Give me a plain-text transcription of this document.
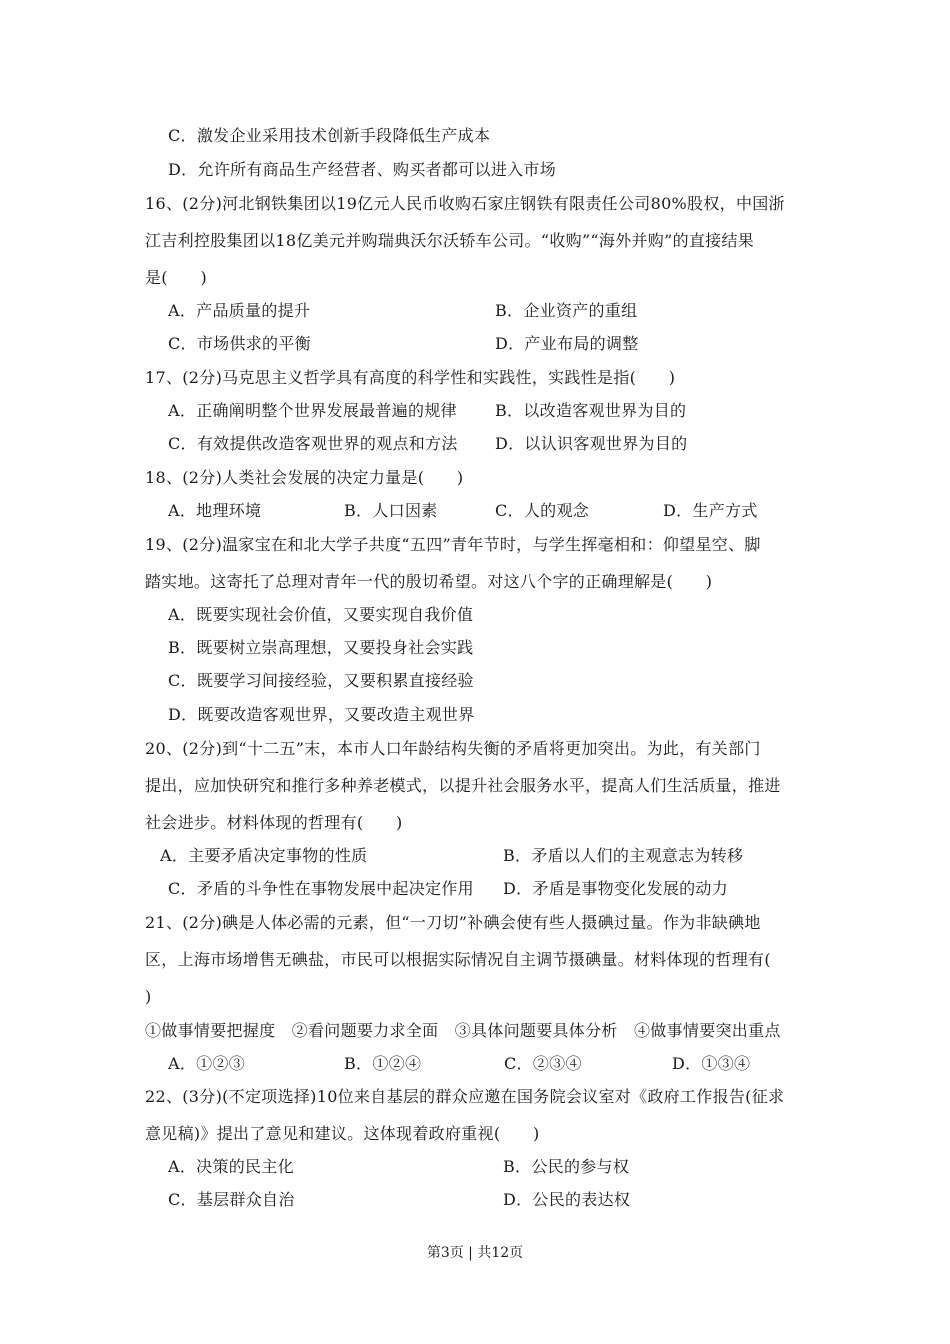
C．激发企业采用技术创新手段降低生产成本
D．允许所有商品生产经营者、购买者都可以进入市场
16、(2分)河北钢铁集团以19亿元人民币收购石家庄钢铁有限责任公司80%股权，中国浙
江吉利控股集团以18亿美元并购瑞典沃尔沃轿车公司。“收购”“海外并购”的直接结果
是(　　)
A．产品质量的提升	B．企业资产的重组
C．市场供求的平衡	D．产业布局的调整
17、(2分)马克思主义哲学具有高度的科学性和实践性，实践性是指(　　)
A．正确阐明整个世界发展最普遍的规律 B．以改造客观世界为目的
C．有效提供改造客观世界的观点和方法 D．以认识客观世界为目的
18、(2分)人类社会发展的决定力量是(　　)
A．地理环境	B．人口因素	C．人的观念	D．生产方式
19、(2分)温家宝在和北大学子共度“五四”青年节时，与学生挥毫相和：仰望星空、脚
踏实地。这寄托了总理对青年一代的殷切希望。对这八个字的正确理解是(　　)
A．既要实现社会价值，又要实现自我价值
B．既要树立崇高理想，又要投身社会实践
C．既要学习间接经验，又要积累直接经验
D．既要改造客观世界，又要改造主观世界
20、(2分)到“十二五”末，本市人口年龄结构失衡的矛盾将更加突出。为此，有关部门
提出，应加快研究和推行多种养老模式，以提升社会服务水平，提高人们生活质量，推进
社会进步。材料体现的哲理有(　　)
A．主要矛盾决定事物的性质	B．矛盾以人们的主观意志为转移
C．矛盾的斗争性在事物发展中起决定作用 D．矛盾是事物变化发展的动力
21、(2分)碘是人体必需的元素，但“一刀切”补碘会使有些人摄碘过量。作为非缺碘地
区，上海市场增售无碘盐，市民可以根据实际情况自主调节摄碘量。材料体现的哲理有(
)
①做事情要把握度　②看问题要力求全面　③具体问题要具体分析　④做事情要突出重点
A．①②③	B．①②④	C．②③④	D．①③④
22、(3分)(不定项选择)10位来自基层的群众应邀在国务院会议室对《政府工作报告(征求
意见稿)》提出了意见和建议。这体现着政府重视(　　)
A．决策的民主化	B．公民的参与权
C．基层群众自治	D．公民的表达权
第3页 | 共12页
